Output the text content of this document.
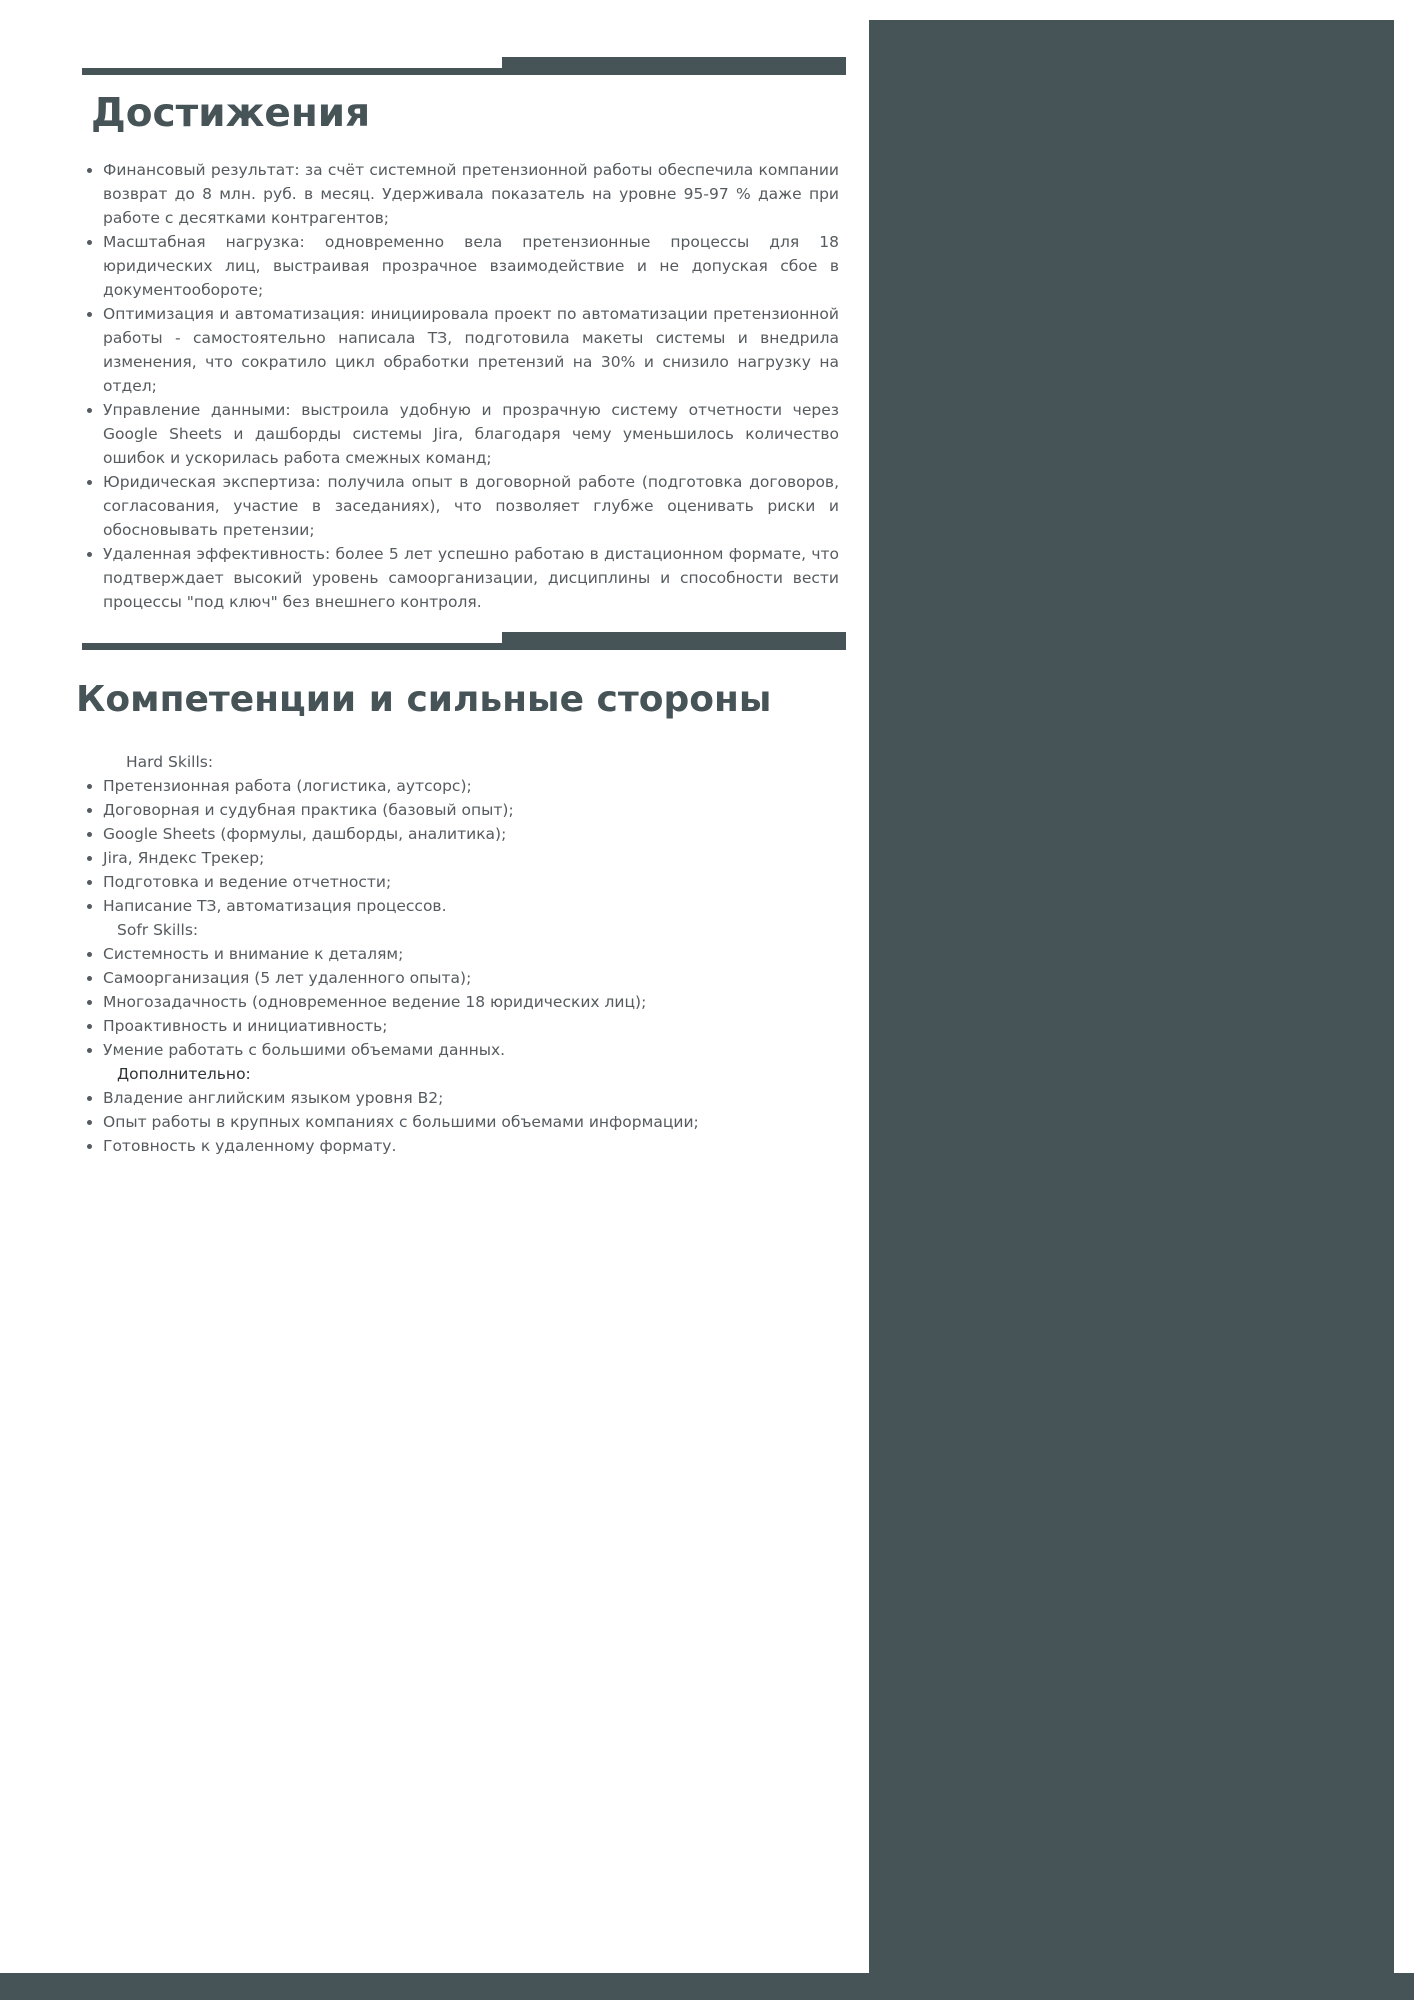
Достижения
• Финансовый результат: за счёт системной претензионной работы обеспечила компании возврат до 8 млн. руб. в месяц. Удерживала показатель на уровне 95-97 % даже при работе с десятками контрагентов;
• Масштабная нагрузка: одновременно вела претензионные процессы для 18 юридических лиц, выстраивая прозрачное взаимодействие и не допуская сбое в документообороте;
• Оптимизация и автоматизация: инициировала проект по автоматизации претензионной работы - самостоятельно написала ТЗ, подготовила макеты системы и внедрила изменения, что сократило цикл обработки претензий на 30% и снизило нагрузку на отдел;
• Управление данными: выстроила удобную и прозрачную систему отчетности через Google Sheets и дашборды системы Jira, благодаря чему уменьшилось количество ошибок и ускорилась работа смежных команд;
• Юридическая экспертиза: получила опыт в договорной работе (подготовка договоров, согласования, участие в заседаниях), что позволяет глубже оценивать риски и обосновывать претензии;
• Удаленная эффективность: более 5 лет успешно работаю в дистационном формате, что подтверждает высокий уровень самоорганизации, дисциплины и способности вести процессы "под ключ" без внешнего контроля.
Компетенции и сильные стороны
Hard Skills:
• Претензионная работа (логистика, аутсорс);
• Договорная и судубная практика (базовый опыт);
• Google Sheets (формулы, дашборды, аналитика);
• Jira, Яндекс Трекер;
• Подготовка и ведение отчетности;
• Написание ТЗ, автоматизация процессов.
Sofr Skills:
• Системность и внимание к деталям;
• Самоорганизация (5 лет удаленного опыта);
• Многозадачность (одновременное ведение 18 юридических лиц);
• Проактивность и инициативность;
• Умение работать с большими объемами данных.
Дополнительно:
• Владение английским языком уровня B2;
• Опыт работы в крупных компаниях с большими объемами информации;
• Готовность к удаленному формату.
